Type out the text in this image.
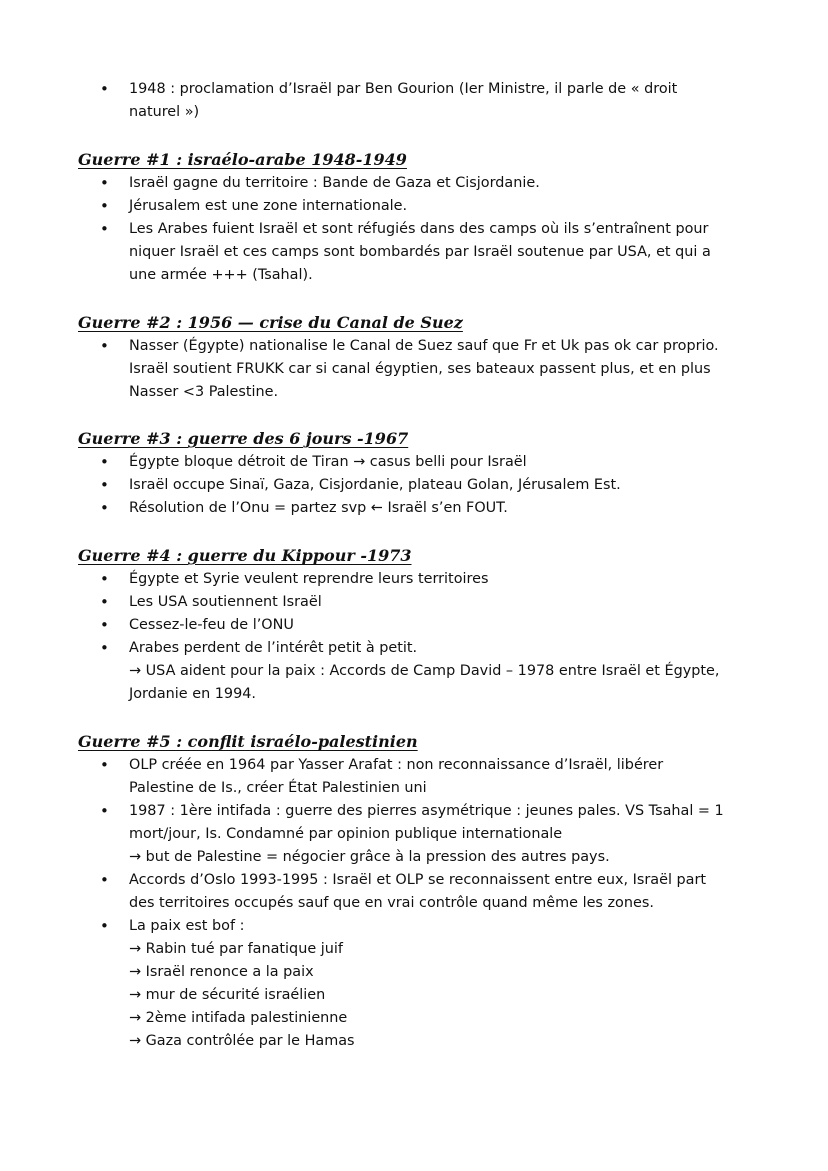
• 1948 : proclamation d’Israël par Ben Gourion (Ier Ministre, il parle de « droit
naturel »)
Guerre #1 : israélo-arabe 1948-1949
• Israël gagne du territoire : Bande de Gaza et Cisjordanie.
• Jérusalem est une zone internationale.
• Les Arabes fuient Israël et sont réfugiés dans des camps où ils s’entraînent pour
niquer Israël et ces camps sont bombardés par Israël soutenue par USA, et qui a
une armée +++ (Tsahal).
Guerre #2 : 1956 — crise du Canal de Suez
• Nasser (Égypte) nationalise le Canal de Suez sauf que Fr et Uk pas ok car proprio.
Israël soutient FRUKK car si canal égyptien, ses bateaux passent plus, et en plus
Nasser <3 Palestine.
Guerre #3 : guerre des 6 jours -1967
• Égypte bloque détroit de Tiran → casus belli pour Israël
• Israël occupe Sinaï, Gaza, Cisjordanie, plateau Golan, Jérusalem Est.
• Résolution de l’Onu = partez svp ← Israël s’en FOUT.
Guerre #4 : guerre du Kippour -1973
• Égypte et Syrie veulent reprendre leurs territoires
• Les USA soutiennent Israël
• Cessez-le-feu de l’ONU
• Arabes perdent de l’intérêt petit à petit.
→ USA aident pour la paix : Accords de Camp David – 1978 entre Israël et Égypte,
Jordanie en 1994.
Guerre #5 : conflit israélo-palestinien
• OLP créée en 1964 par Yasser Arafat : non reconnaissance d’Israël, libérer
Palestine de Is., créer État Palestinien uni
• 1987 : 1ère intifada : guerre des pierres asymétrique : jeunes pales. VS Tsahal = 1
mort/jour, Is. Condamné par opinion publique internationale
→ but de Palestine = négocier grâce à la pression des autres pays.
• Accords d’Oslo 1993-1995 : Israël et OLP se reconnaissent entre eux, Israël part
des territoires occupés sauf que en vrai contrôle quand même les zones.
• La paix est bof :
→ Rabin tué par fanatique juif
→ Israël renonce a la paix
→ mur de sécurité israélien
→ 2ème intifada palestinienne
→ Gaza contrôlée par le Hamas
